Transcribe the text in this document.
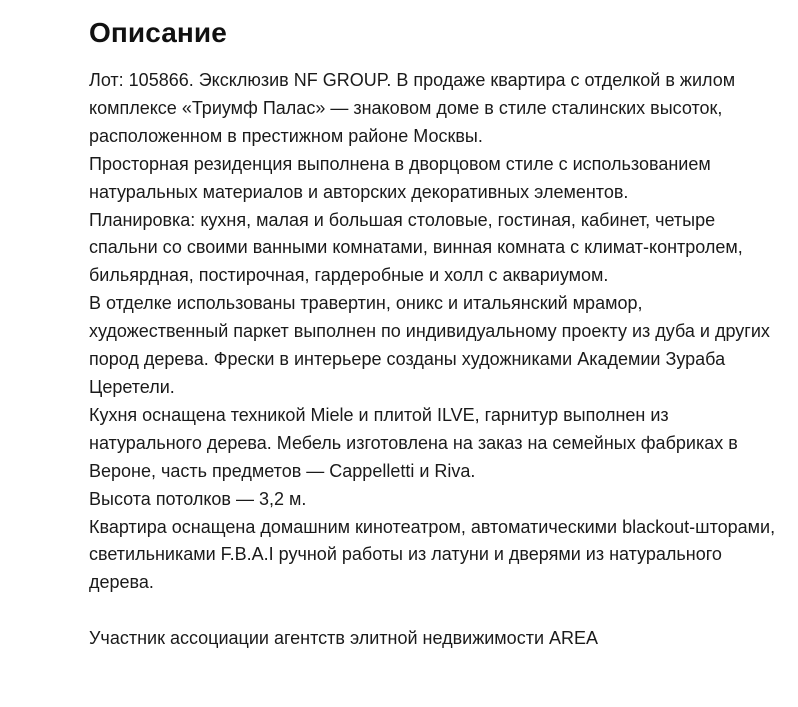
Описание

Лот: 105866. Эксклюзив NF GROUP. В продаже квартира с отделкой в жилом комплексе «Триумф Палас» — знаковом доме в стиле сталинских высоток, расположенном в престижном районе Москвы.

Просторная резиденция выполнена в дворцовом стиле с использованием натуральных материалов и авторских декоративных элементов.

Планировка: кухня, малая и большая столовые, гостиная, кабинет, четыре спальни со своими ванными комнатами, винная комната с климат-контролем, бильярдная, постирочная, гардеробные и холл с аквариумом.

В отделке использованы травертин, оникс и итальянский мрамор, художественный паркет выполнен по индивидуальному проекту из дуба и других пород дерева. Фрески в интерьере созданы художниками Академии Зураба Церетели.

Кухня оснащена техникой Miele и плитой ILVE, гарнитур выполнен из натурального дерева. Мебель изготовлена на заказ на семейных фабриках в Вероне, часть предметов — Cappelletti и Riva.

Высота потолков — 3,2 м.

Квартира оснащена домашним кинотеатром, автоматическими blackout-шторами, светильниками F.B.A.I ручной работы из латуни и дверями из натурального дерева.

Участник ассоциации агентств элитной недвижимости AREA
